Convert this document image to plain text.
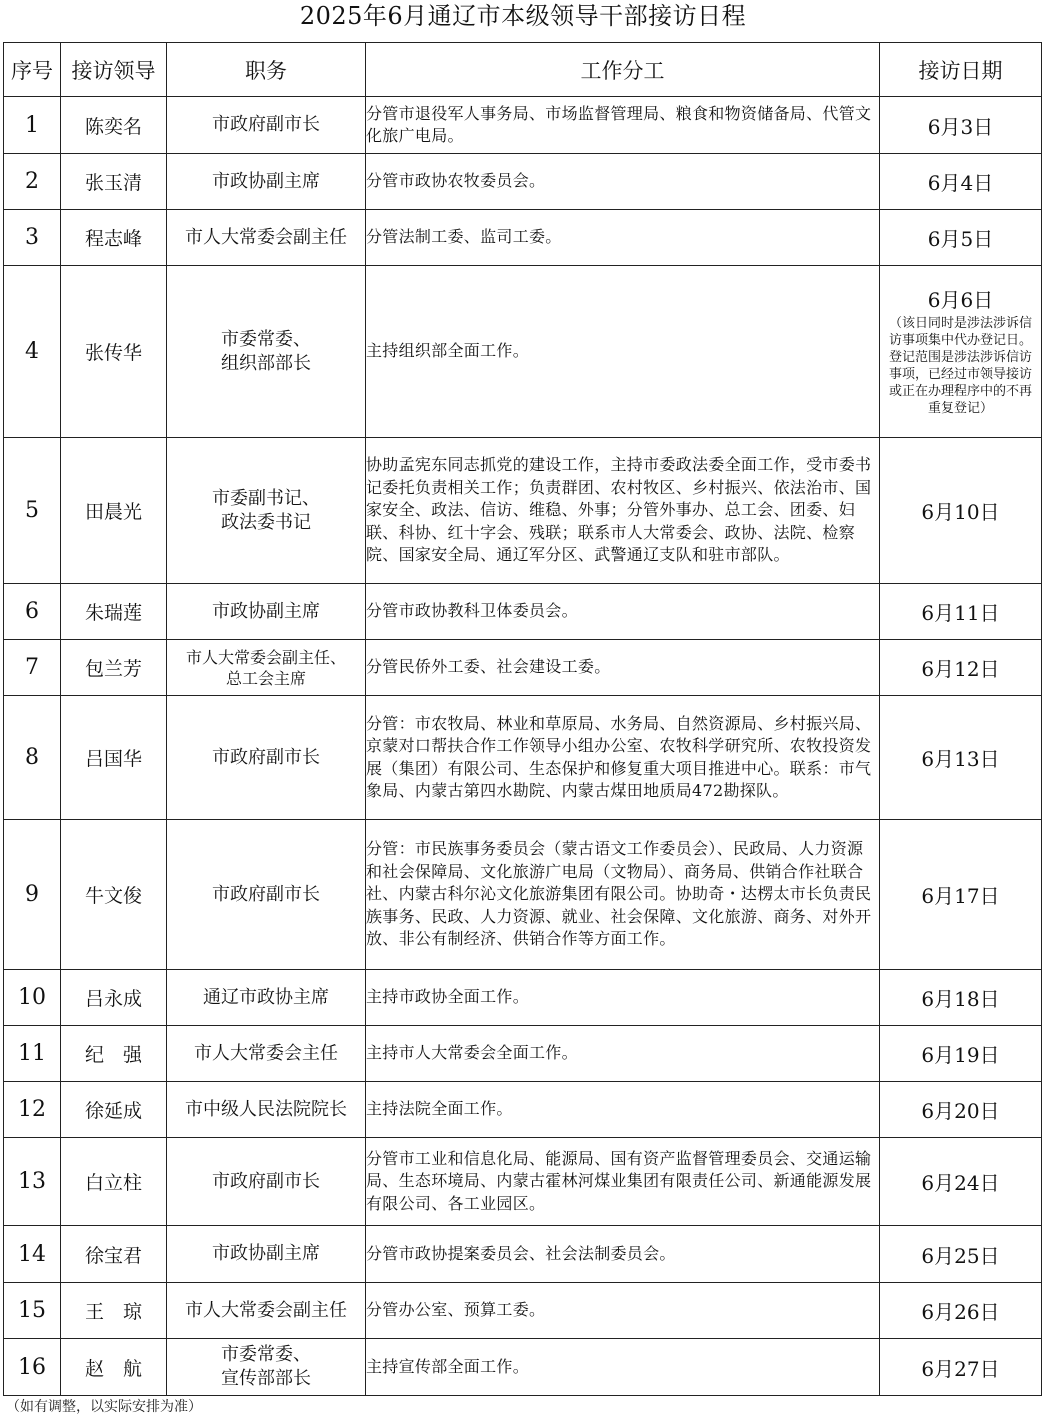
2025年6月通辽市本级领导干部接访日程
序号	接访领导	职务	工作分工	接访日期
1	陈奕名	市政府副市长	分管市退役军人事务局、市场监督管理局、粮食和物资储备局、代管文化旅广电局。	6月3日
2	张玉清	市政协副主席	分管市政协农牧委员会。	6月4日
3	程志峰	市人大常委会副主任	分管法制工委、监司工委。	6月5日
4	张传华	市委常委、
组织部部长	主持组织部全面工作。	6月6日
（该日同时是涉法涉诉信访事项集中代办登记日。登记范围是涉法涉诉信访事项，已经过市领导接访或正在办理程序中的不再重复登记）

5	田晨光	市委副书记、
政法委书记	协助孟宪东同志抓党的建设工作，主持市委政法委全面工作，受市委书记委托负责相关工作；负责群团、农村牧区、乡村振兴、依法治市、国家安全、政法、信访、维稳、外事；分管外事办、总工会、团委、妇联、科协、红十字会、残联；联系市人大常委会、政协、法院、检察院、国家安全局、通辽军分区、武警通辽支队和驻市部队。	6月10日
6	朱瑞莲	市政协副主席	分管市政协教科卫体委员会。	6月11日
7	包兰芳	市人大常委会副主任、
总工会主席	分管民侨外工委、社会建设工委。	6月12日
8	吕国华	市政府副市长	分管：市农牧局、林业和草原局、水务局、自然资源局、乡村振兴局、京蒙对口帮扶合作工作领导小组办公室、农牧科学研究所、农牧投资发展（集团）有限公司、生态保护和修复重大项目推进中心。联系：市气象局、内蒙古第四水勘院、内蒙古煤田地质局472勘探队。	6月13日
9	牛文俊	市政府副市长	分管：市民族事务委员会（蒙古语文工作委员会）、民政局、人力资源和社会保障局、文化旅游广电局（文物局）、商务局、供销合作社联合社、内蒙古科尔沁文化旅游集团有限公司。协助奇・达楞太市长负责民族事务、民政、人力资源、就业、社会保障、文化旅游、商务、对外开放、非公有制经济、供销合作等方面工作。	6月17日
10	吕永成	通辽市政协主席	主持市政协全面工作。	6月18日
11	纪　强	市人大常委会主任	主持市人大常委会全面工作。	6月19日
12	徐延成	市中级人民法院院长	主持法院全面工作。	6月20日
13	白立柱	市政府副市长	分管市工业和信息化局、能源局、国有资产监督管理委员会、交通运输局、生态环境局、内蒙古霍林河煤业集团有限责任公司、新通能源发展有限公司、各工业园区。	6月24日
14	徐宝君	市政协副主席	分管市政协提案委员会、社会法制委员会。	6月25日
15	王　琼	市人大常委会副主任	分管办公室、预算工委。	6月26日
16	赵　航	市委常委、
宣传部部长	主持宣传部全面工作。	6月27日
（如有调整，以实际安排为准）
